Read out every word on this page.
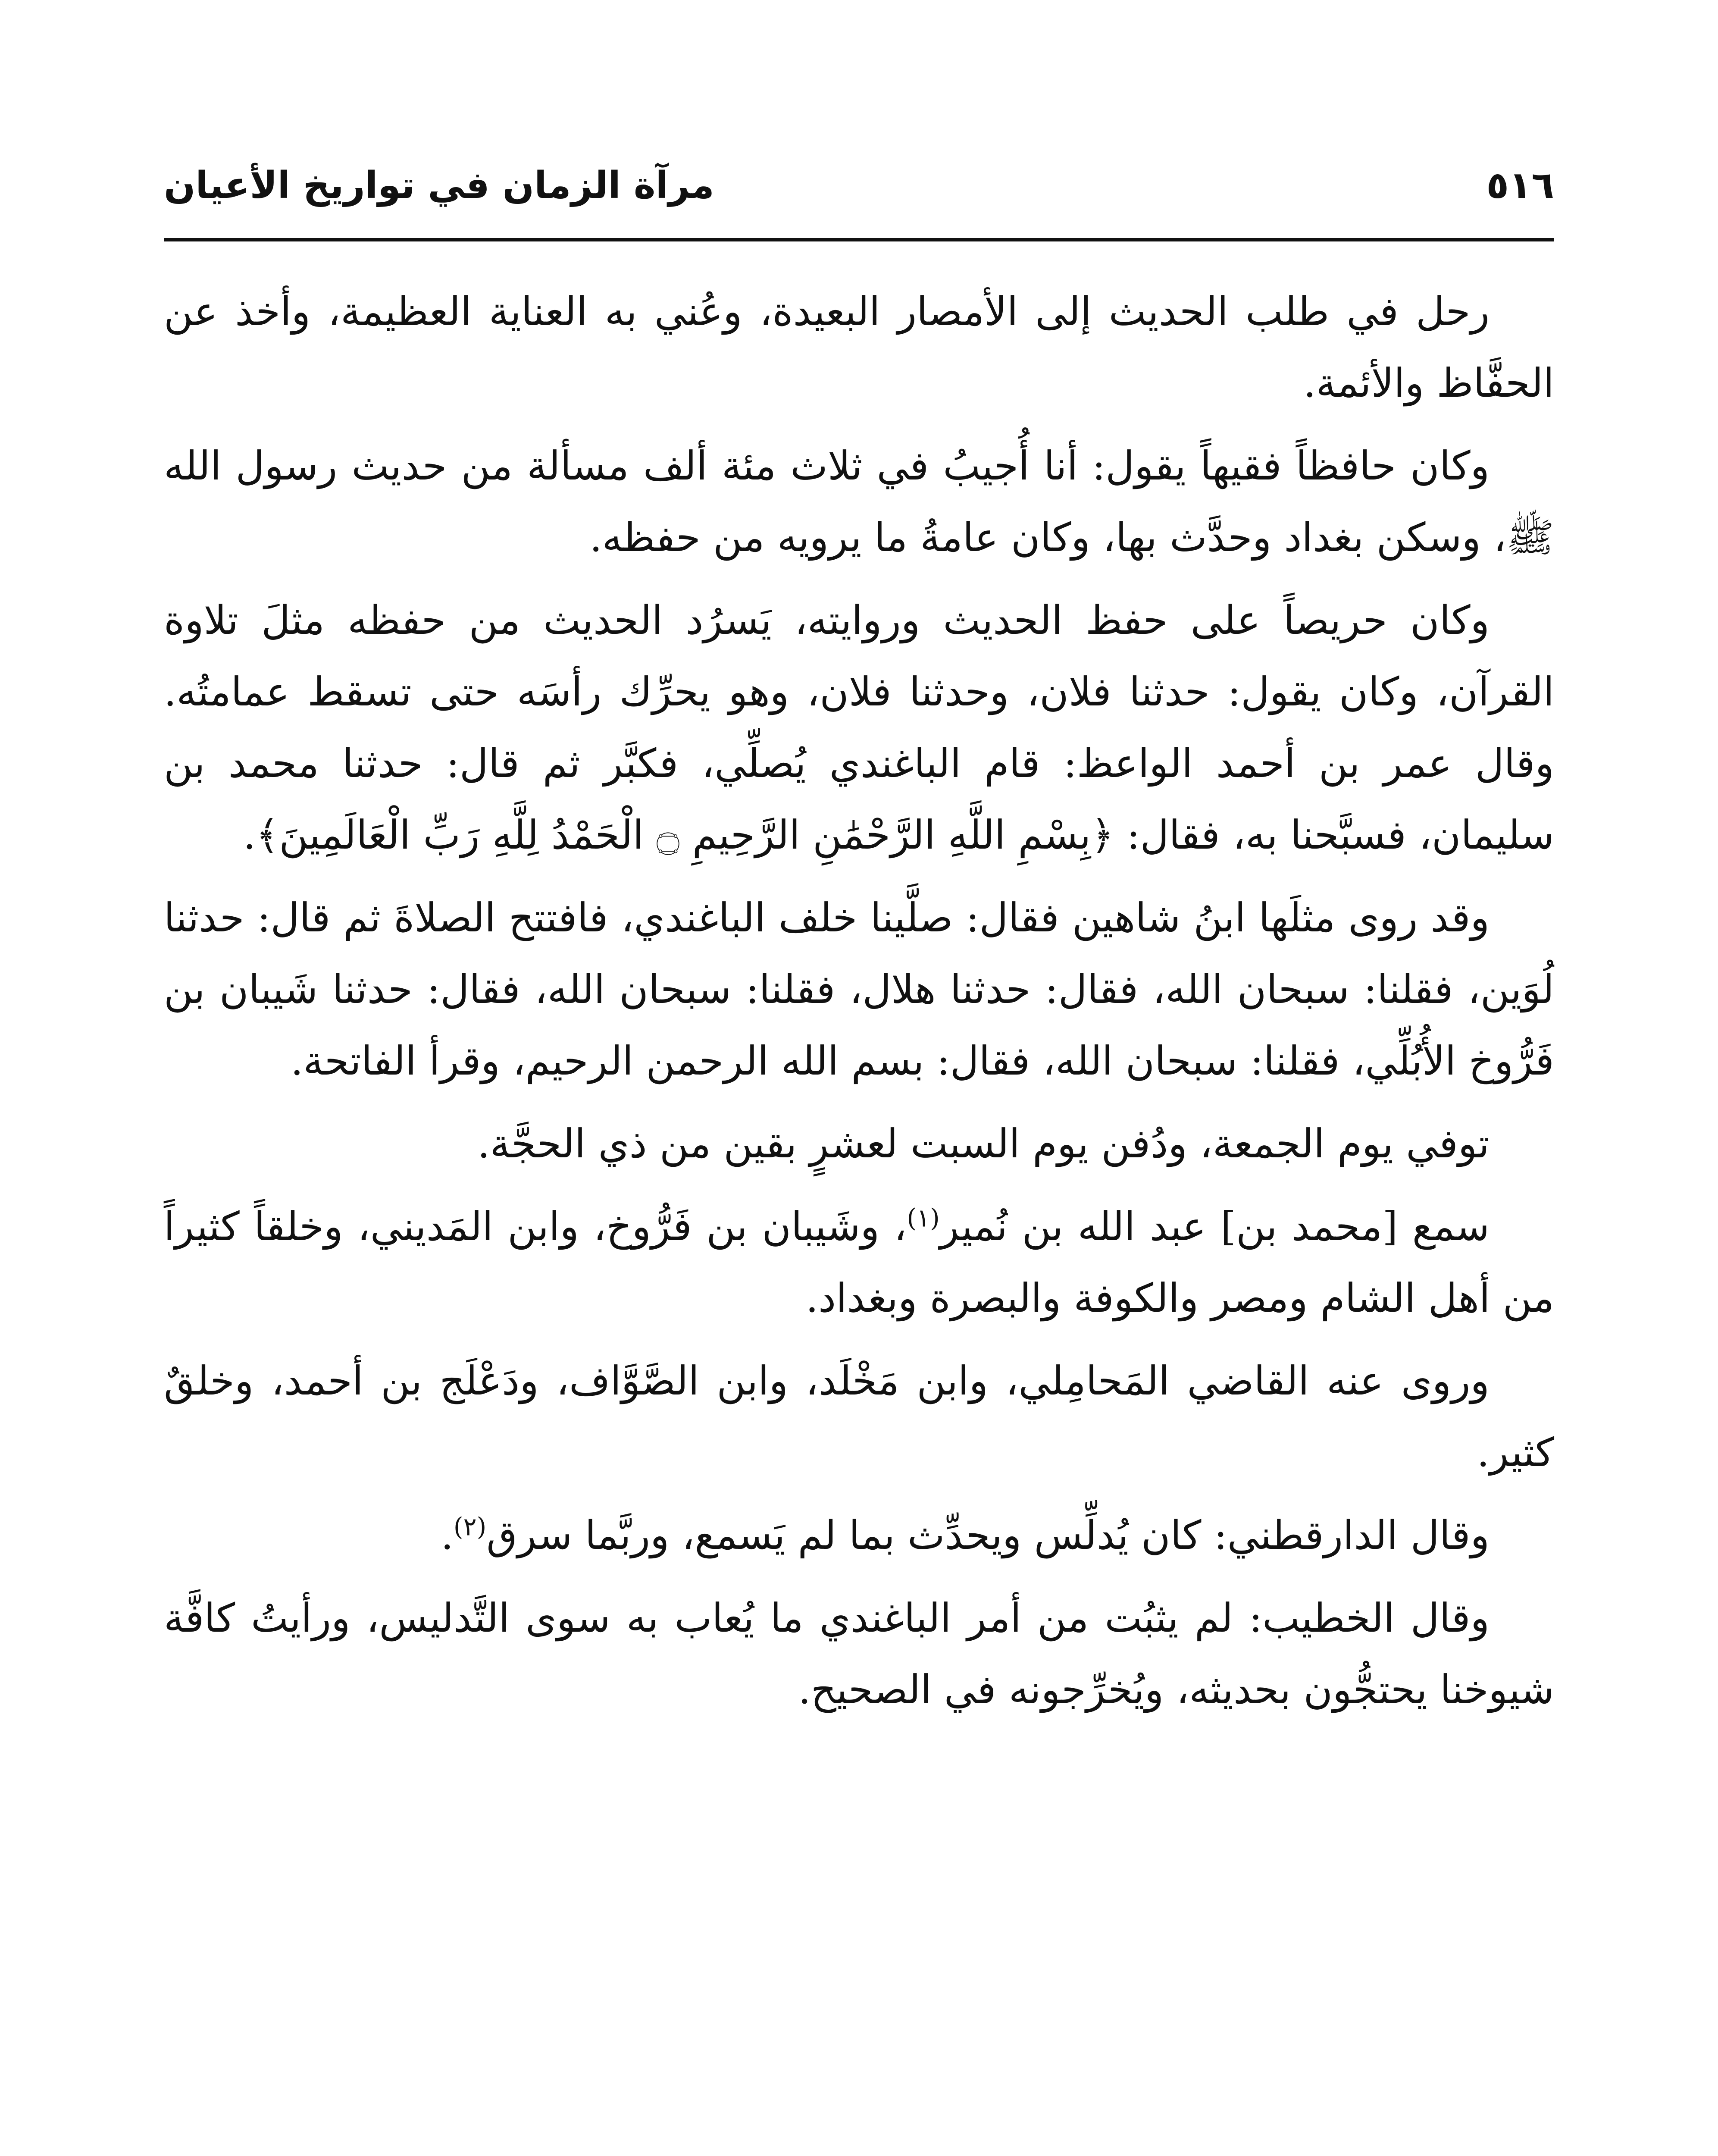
مرآة الزمان في تواريخ الأعيان	٥١٦

رحل في طلب الحديث إلى الأمصار البعيدة، وعُني به العناية العظيمة، وأخذ عن الحفَّاظ والأئمة.

وكان حافظاً فقيهاً يقول: أنا أُجيبُ في ثلاث مئة ألف مسألة من حديث رسول الله ﷺ، وسكن بغداد وحدَّث بها، وكان عامةُ ما يرويه من حفظه.

وكان حريصاً على حفظ الحديث وروايته، يَسرُد الحديث من حفظه مثلَ تلاوة القرآن، وكان يقول: حدثنا فلان، وحدثنا فلان، وهو يحرِّك رأسَه حتى تسقط عمامتُه. وقال عمر بن أحمد الواعظ: قام الباغندي يُصلِّي، فكبَّر ثم قال: حدثنا محمد بن سليمان، فسبَّحنا به، فقال: ﴿بِسْمِ اللَّهِ الرَّحْمَٰنِ الرَّحِيمِ ۝ الْحَمْدُ لِلَّهِ رَبِّ الْعَالَمِينَ﴾.

وقد روى مثلَها ابنُ شاهين فقال: صلَّينا خلف الباغندي، فافتتح الصلاةَ ثم قال: حدثنا لُوَين، فقلنا: سبحان الله، فقال: حدثنا هلال، فقلنا: سبحان الله، فقال: حدثنا شَيبان بن فَرُّوخ الأُبُلِّي، فقلنا: سبحان الله، فقال: بسم الله الرحمن الرحيم، وقرأ الفاتحة.

توفي يوم الجمعة، ودُفن يوم السبت لعشرٍ بقين من ذي الحجَّة.

سمع [محمد بن] عبد الله بن نُمير$^{(١)}$، وشَيبان بن فَرُّوخ، وابن المَديني، وخلقاً كثيراً من أهل الشام ومصر والكوفة والبصرة وبغداد.

وروى عنه القاضي المَحامِلي، وابن مَخْلَد، وابن الصَّوَّاف، ودَعْلَج بن أحمد، وخلقٌ كثير.

وقال الدارقطني: كان يُدلِّس ويحدِّث بما لم يَسمع، وربَّما سرق$^{(٢)}$.

وقال الخطيب: لم يثبُت من أمر الباغندي ما يُعاب به سوى التَّدليس، ورأيتُ كافَّة شيوخنا يحتجُّون بحديثه، ويُخرِّجونه في الصحيح.
